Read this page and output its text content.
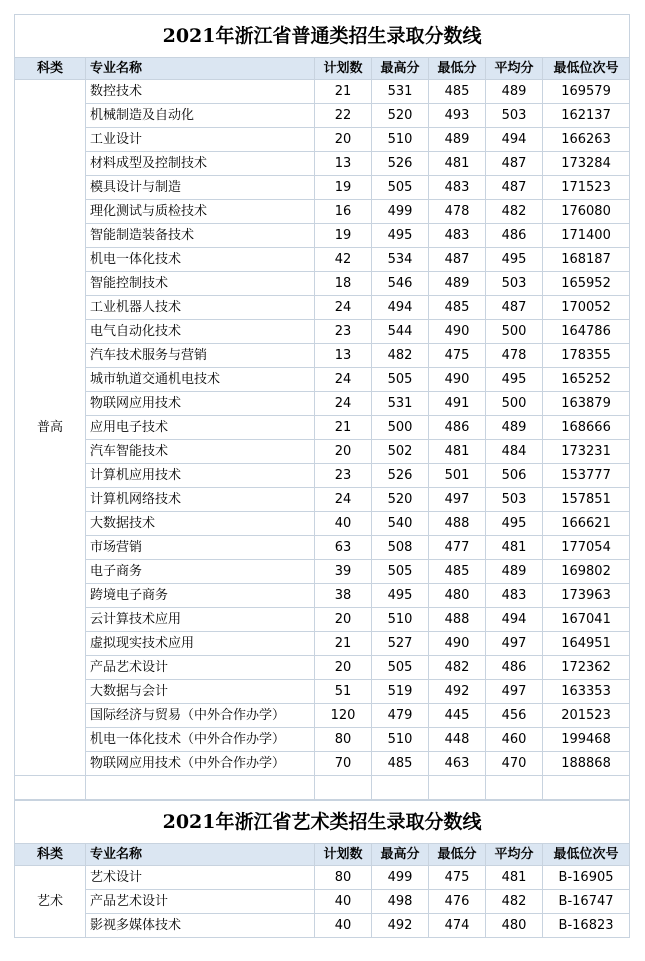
2021年浙江省普通类招生录取分数线						
科类	专业名称	计划数	最高分	最低分	平均分	最低位次号
普高	数控技术	21	531	485	489	169579
	机械制造及自动化	22	520	493	503	162137
	工业设计	20	510	489	494	166263
	材料成型及控制技术	13	526	481	487	173284
	模具设计与制造	19	505	483	487	171523
	理化测试与质检技术	16	499	478	482	176080
	智能制造装备技术	19	495	483	486	171400
	机电一体化技术	42	534	487	495	168187
	智能控制技术	18	546	489	503	165952
	工业机器人技术	24	494	485	487	170052
	电气自动化技术	23	544	490	500	164786
	汽车技术服务与营销	13	482	475	478	178355
	城市轨道交通机电技术	24	505	490	495	165252
	物联网应用技术	24	531	491	500	163879
	应用电子技术	21	500	486	489	168666
	汽车智能技术	20	502	481	484	173231
	计算机应用技术	23	526	501	506	153777
	计算机网络技术	24	520	497	503	157851
	大数据技术	40	540	488	495	166621
	市场营销	63	508	477	481	177054
	电子商务	39	505	485	489	169802
	跨境电子商务	38	495	480	483	173963
	云计算技术应用	20	510	488	494	167041
	虚拟现实技术应用	21	527	490	497	164951
	产品艺术设计	20	505	482	486	172362
	大数据与会计	51	519	492	497	163353
	国际经济与贸易（中外合作办学）	120	479	445	456	201523
	机电一体化技术（中外合作办学）	80	510	448	460	199468
	物联网应用技术（中外合作办学）	70	485	463	470	188868

2021年浙江省艺术类招生录取分数线						
科类	专业名称	计划数	最高分	最低分	平均分	最低位次号
艺术	艺术设计	80	499	475	481	B-16905
	产品艺术设计	40	498	476	482	B-16747
	影视多媒体技术	40	492	474	480	B-16823
